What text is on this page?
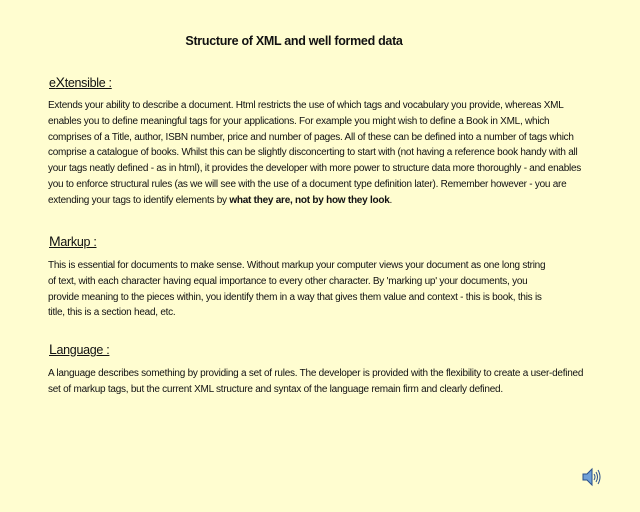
Structure of XML and well formed data
eXtensible :
Extends your ability to describe a document. Html restricts the use of which tags and vocabulary you provide, whereas XML enables you to define meaningful tags for your applications. For example you might wish to define a Book in XML, which comprises of a Title, author, ISBN number, price and number of pages. All of these can be defined into a number of tags which comprise a catalogue of books. Whilst this can be slightly disconcerting to start with (not having a reference book handy with all your tags neatly defined - as in html), it provides the developer with more power to structure data more thoroughly - and enables you to enforce structural rules (as we will see with the use of a document type definition later). Remember however - you are extending your tags to identify elements by what they are, not by how they look.
Markup :
This is essential for documents to make sense. Without markup your computer views your document as one long string of text, with each character having equal importance to every other character. By 'marking up' your documents, you provide meaning to the pieces within, you identify them in a way that gives them value and context - this is book, this is title, this is a section head, etc.
Language :
A language describes something by providing a set of rules. The developer is provided with the flexibility to create a user-defined set of markup tags, but the current XML structure and syntax of the language remain firm and clearly defined.
